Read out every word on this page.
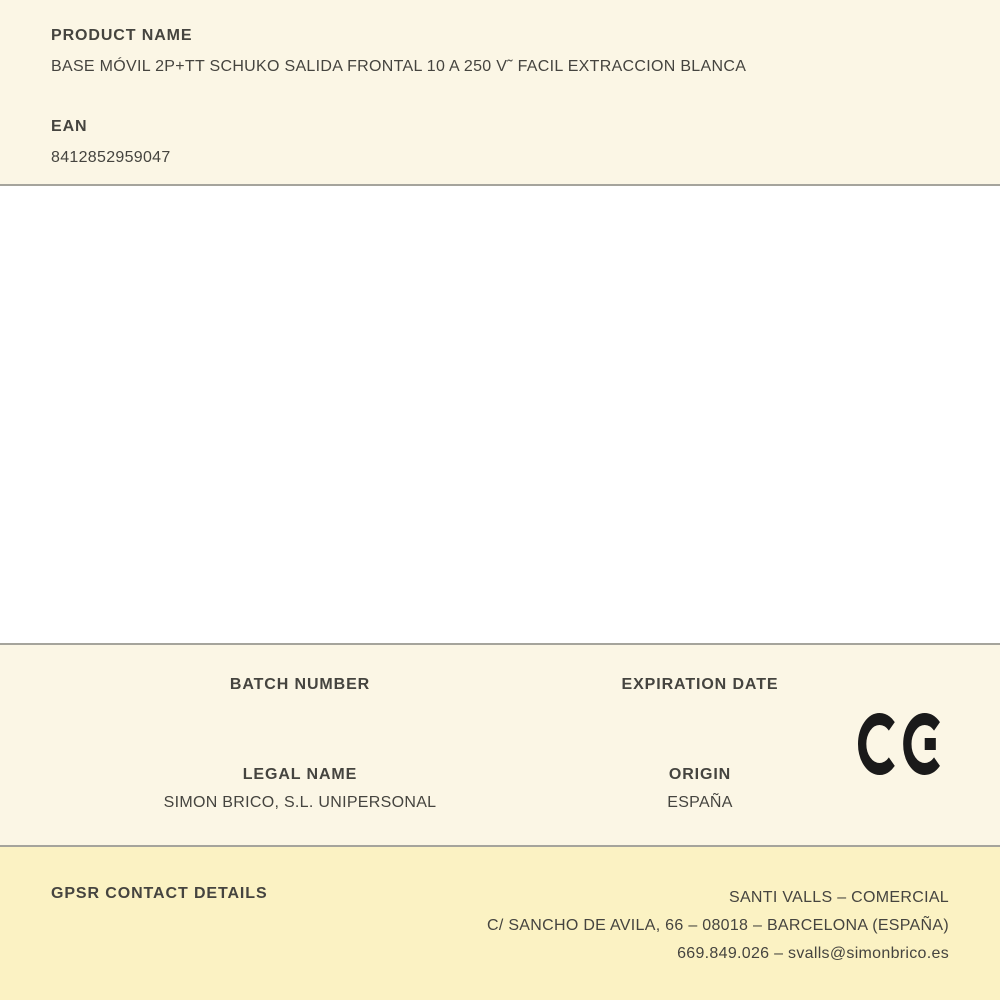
PRODUCT NAME
BASE MÓVIL 2P+TT SCHUKO SALIDA FRONTAL 10 A 250 V˜ FACIL EXTRACCION BLANCA
EAN
8412852959047
BATCH NUMBER	EXPIRATION DATE
LEGAL NAME
SIMON BRICO, S.L. UNIPERSONAL
ORIGIN
ESPAÑA
GPSR CONTACT DETAILS	SANTI VALLS – COMERCIAL
C/ SANCHO DE AVILA, 66 – 08018 – BARCELONA (ESPAÑA)
669.849.026 – svalls@simonbrico.es
